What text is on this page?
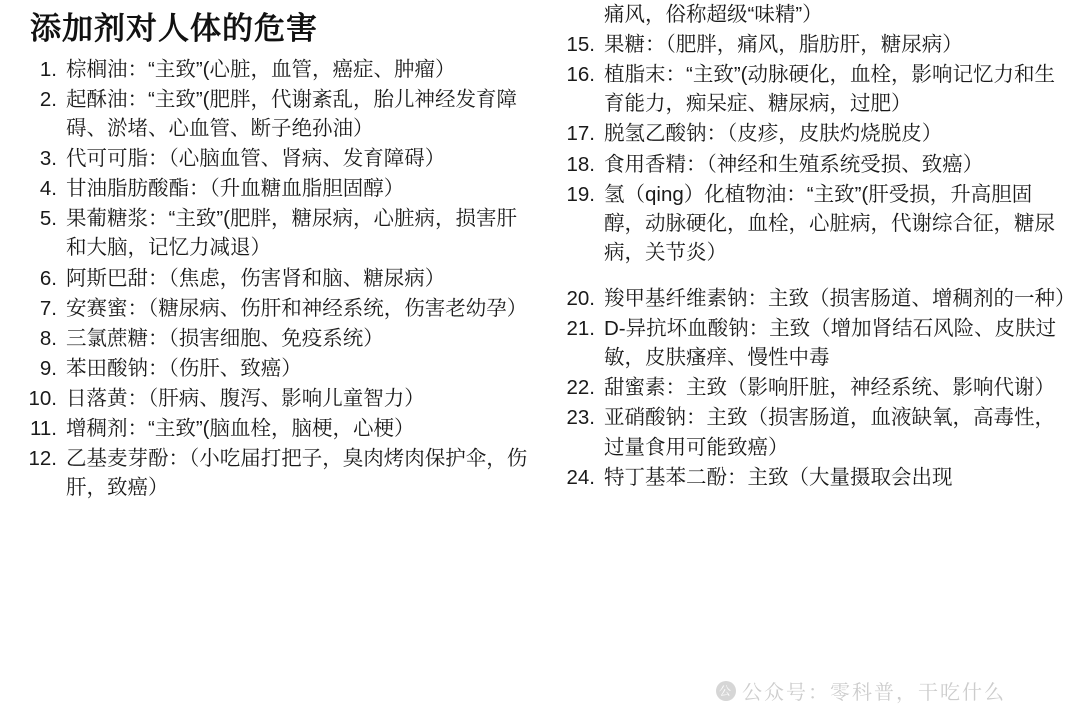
添加剂对人体的危害
1. 棕榈油：“主致”(心脏，血管，癌症、肿瘤）
2. 起酥油：“主致”(肥胖，代谢紊乱，胎儿神经发育障碍、淤堵、心血管、断子绝孙油）
3. 代可可脂：（心脑血管、肾病、发育障碍）
4. 甘油脂肪酸酯：（升血糖血脂胆固醇）
5. 果葡糖浆：“主致”(肥胖，糖尿病，心脏病，损害肝和大脑，记忆力减退）
6. 阿斯巴甜：（焦虑，伤害肾和脑、糖尿病）
7. 安赛蜜：（糖尿病、伤肝和神经系统，伤害老幼孕）
8. 三氯蔗糖：（损害细胞、免疫系统）
9. 苯田酸钠：（伤肝、致癌）
10. 日落黄：（肝病、腹泻、影响儿童智力）
11. 增稠剂：“主致”(脑血栓，脑梗，心梗）
12. 乙基麦芽酚：（小吃届打把子，臭肉烤肉保护伞，伤肝，致癌）
痛风，俗称超级“味精”）
15. 果糖：（肥胖，痛风，脂肪肝，糖尿病）
16. 植脂末：“主致”(动脉硬化，血栓，影响记忆力和生育能力，痴呆症、糖尿病，过肥）
17. 脱氢乙酸钠：（皮疹，皮肤灼烧脱皮）
18. 食用香精：（神经和生殖系统受损、致癌）
19. 氢（qing）化植物油：“主致”(肝受损，升高胆固醇，动脉硬化，血栓，心脏病，代谢综合征，糖尿病，关节炎）
20. 羧甲基纤维素钠：主致（损害肠道、增稠剂的一种）
21. D-异抗坏血酸钠：主致（增加肾结石风险、皮肤过敏，皮肤瘙痒、慢性中毒
22. 甜蜜素：主致（影响肝脏，神经系统、影响代谢）
23. 亚硝酸钠：主致（损害肠道，血液缺氧，高毒性，过量食用可能致癌）
24. 特丁基苯二酚：主致（大量摄取会出现
公 公众号：零科普，干吃什么
